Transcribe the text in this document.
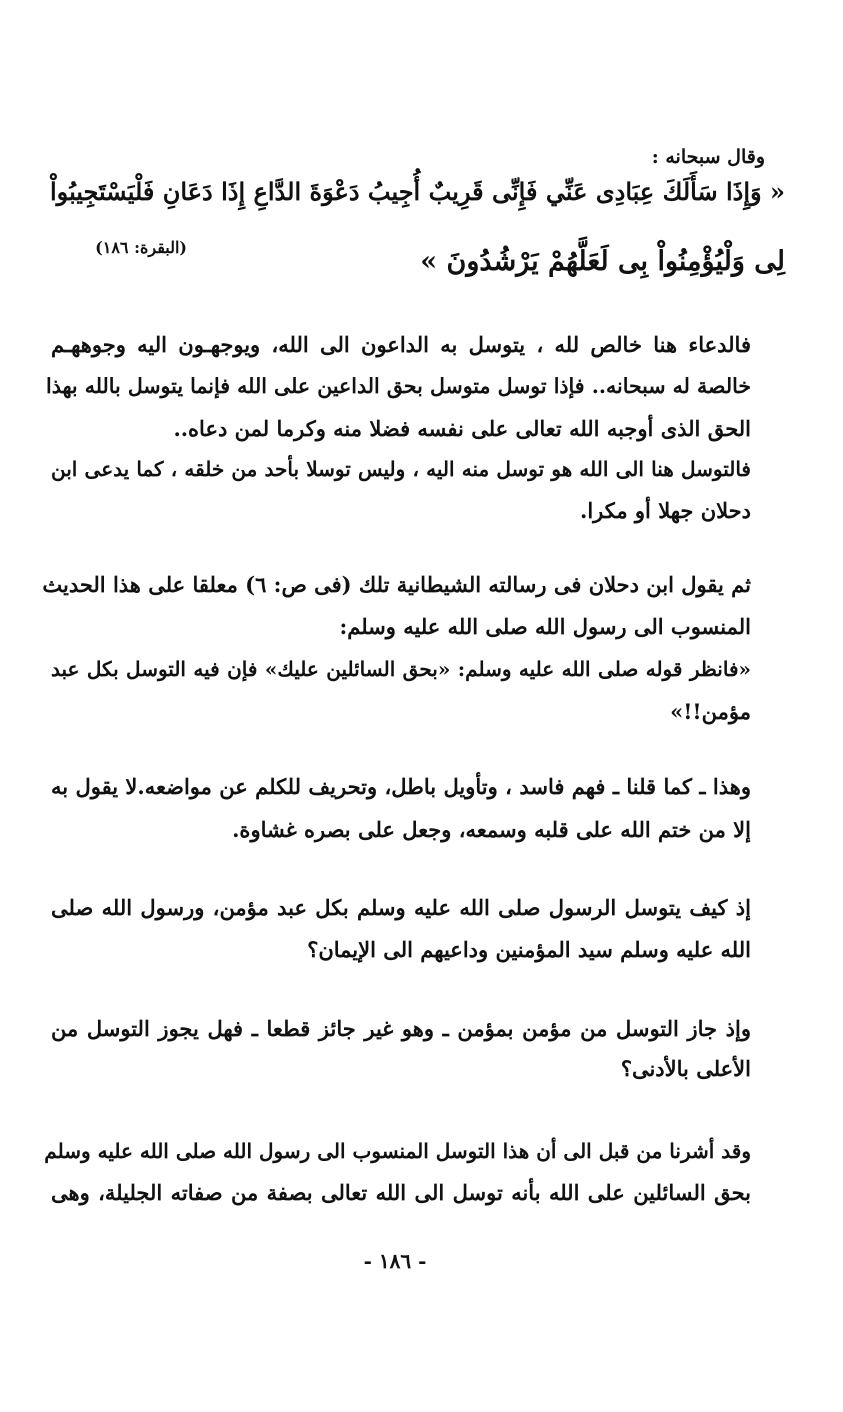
وقال سبحانه :
« وَإِذَا سَأَلَكَ عِبَادِى عَنِّي فَإِنِّى قَرِيبٌ أُجِيبُ دَعْوَةَ الدَّاعِ إِذَا دَعَانِ فَلْيَسْتَجِيبُواْ
لِى وَلْيُؤْمِنُواْ بِى لَعَلَّهُمْ يَرْشُدُونَ »
(البقرة: ١٨٦)
فالدعاء هنا خالص لله ، يتوسل به الداعون الى الله، ويوجهـون اليه وجوههـم
خالصة له سبحانه.. فإذا توسل متوسل بحق الداعين على الله فإنما يتوسل بالله بهذا
الحق الذى أوجبه الله تعالى على نفسه فضلا منه وكرما لمن دعاه..
فالتوسل هنا الى الله هو توسل منه اليه ، وليس توسلا بأحد من خلقه ، كما يدعى ابن
دحلان جهلا أو مكرا.
ثم يقول ابن دحلان فى رسالته الشيطانية تلك (فى ص: ٦) معلقا على هذا الحديث
المنسوب الى رسول الله صلى الله عليه وسلم:
«فانظر قوله صلى الله عليه وسلم: «بحق السائلين عليك» فإن فيه التوسل بكل عبد
مؤمن!!»
وهذا ـ كما قلنا ـ فهم فاسد ، وتأويل باطل، وتحريف للكلم عن مواضعه.لا يقول به
إلا من ختم الله على قلبه وسمعه، وجعل على بصره غشاوة.
إذ كيف يتوسل الرسول صلى الله عليه وسلم بكل عبد مؤمن، ورسول الله صلى
الله عليه وسلم سيد المؤمنين وداعيهم الى الإيمان؟
وإذ جاز التوسل من مؤمن بمؤمن ـ وهو غير جائز قطعا ـ فهل يجوز التوسل من
الأعلى بالأدنى؟
وقد أشرنا من قبل الى أن هذا التوسل المنسوب الى رسول الله صلى الله عليه وسلم
بحق السائلين على الله بأنه توسل الى الله تعالى بصفة من صفاته الجليلة، وهى
- ١٨٦ -
